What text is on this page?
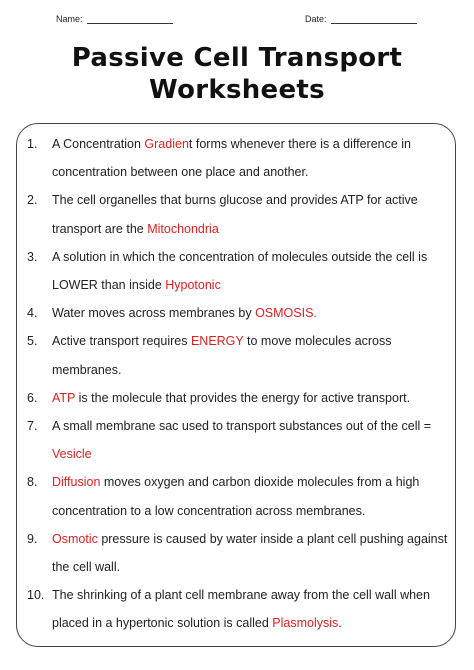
Name:	Date:
Passive Cell Transport
Worksheets
1. A Concentration Gradient forms whenever there is a difference in concentration between one place and another.
2. The cell organelles that burns glucose and provides ATP for active transport are the Mitochondria
3. A solution in which the concentration of molecules outside the cell is LOWER than inside Hypotonic
4. Water moves across membranes by OSMOSIS.
5. Active transport requires ENERGY to move molecules across membranes.
6. ATP is the molecule that provides the energy for active transport.
7. A small membrane sac used to transport substances out of the cell = Vesicle
8. Diffusion moves oxygen and carbon dioxide molecules from a high concentration to a low concentration across membranes.
9. Osmotic pressure is caused by water inside a plant cell pushing against the cell wall.
10. The shrinking of a plant cell membrane away from the cell wall when placed in a hypertonic solution is called Plasmolysis.
